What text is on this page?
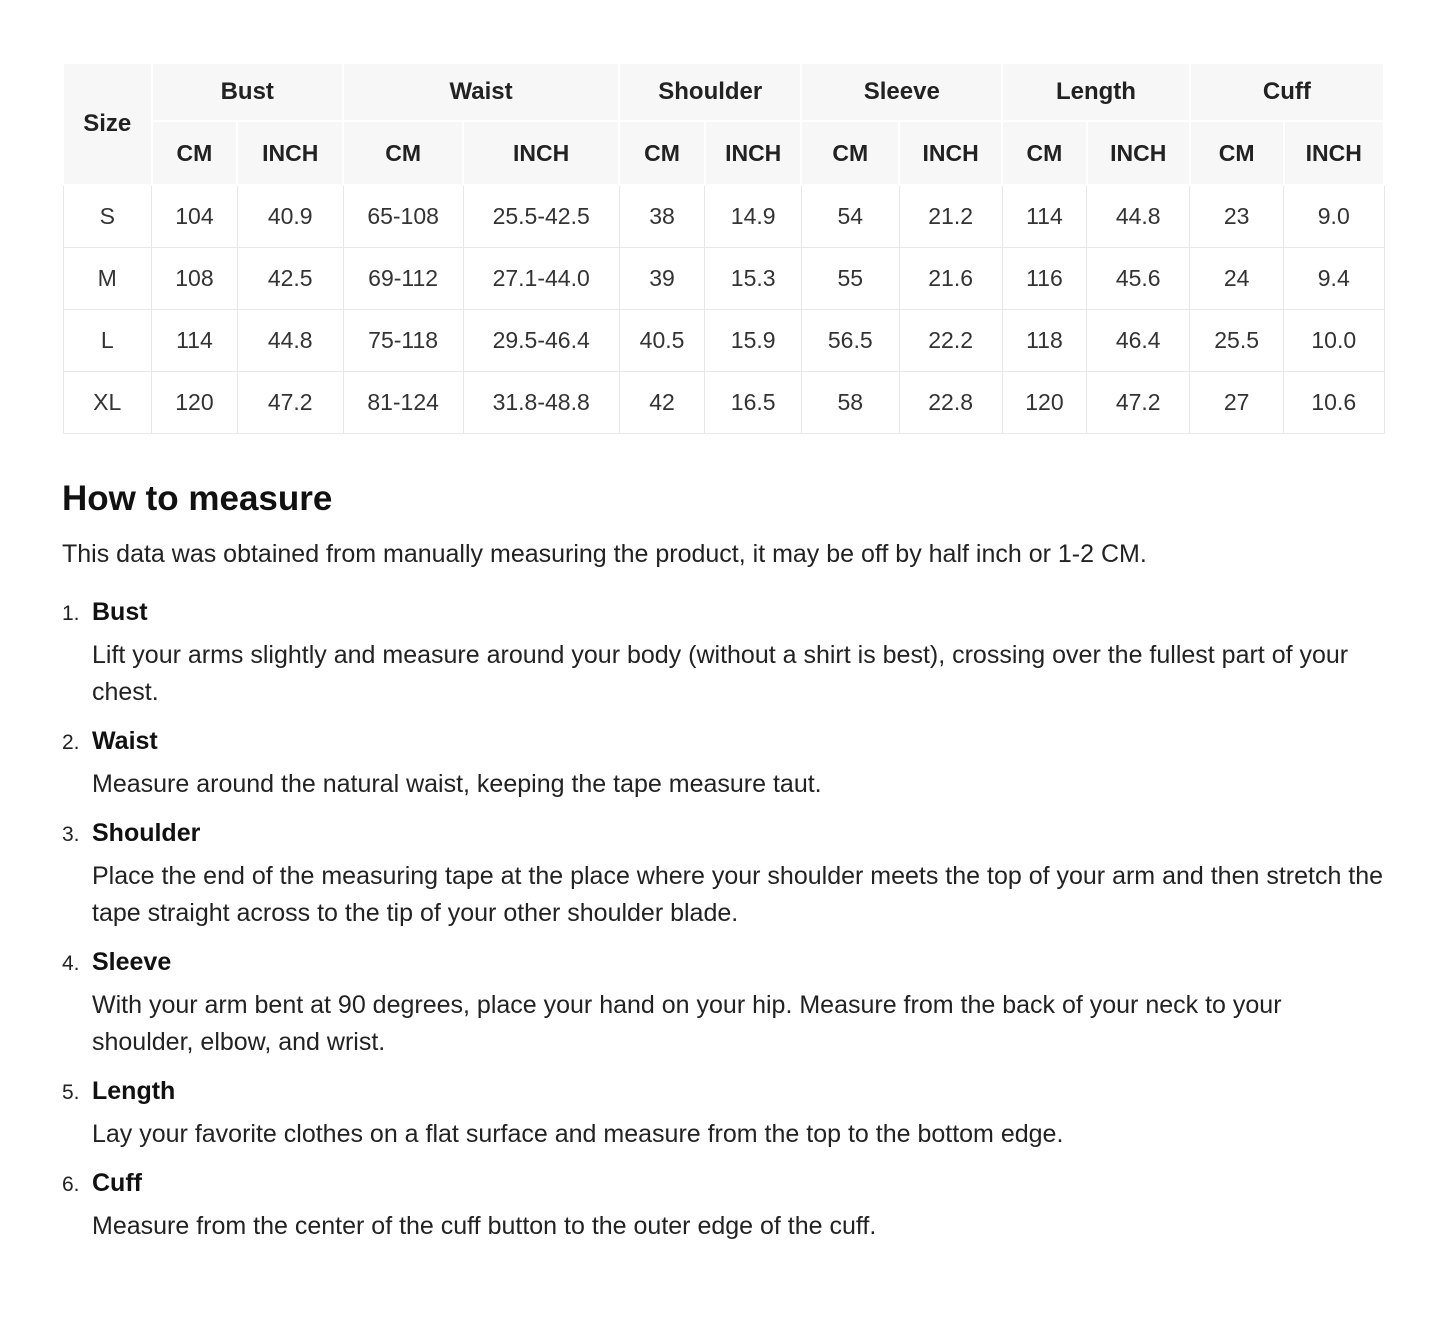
Size	Bust		Waist		Shoulder		Sleeve		Length		Cuff	
	CM	INCH	CM	INCH	CM	INCH	CM	INCH	CM	INCH	CM	INCH
S	104	40.9	65-108	25.5-42.5	38	14.9	54	21.2	114	44.8	23	9.0
M	108	42.5	69-112	27.1-44.0	39	15.3	55	21.6	116	45.6	24	9.4
L	114	44.8	75-118	29.5-46.4	40.5	15.9	56.5	22.2	118	46.4	25.5	10.0
XL	120	47.2	81-124	31.8-48.8	42	16.5	58	22.8	120	47.2	27	10.6
How to measure

This data was obtained from manually measuring the product, it may be off by half inch or 1-2 CM.

1. Bust

Lift your arms slightly and measure around your body (without a shirt is best), crossing over the fullest part of your chest.

2. Waist

Measure around the natural waist, keeping the tape measure taut.

3. Shoulder

Place the end of the measuring tape at the place where your shoulder meets the top of your arm and then stretch the tape straight across to the tip of your other shoulder blade.

4. Sleeve

With your arm bent at 90 degrees, place your hand on your hip. Measure from the back of your neck to your shoulder, elbow, and wrist.

5. Length

Lay your favorite clothes on a flat surface and measure from the top to the bottom edge.

6. Cuff

Measure from the center of the cuff button to the outer edge of the cuff.
